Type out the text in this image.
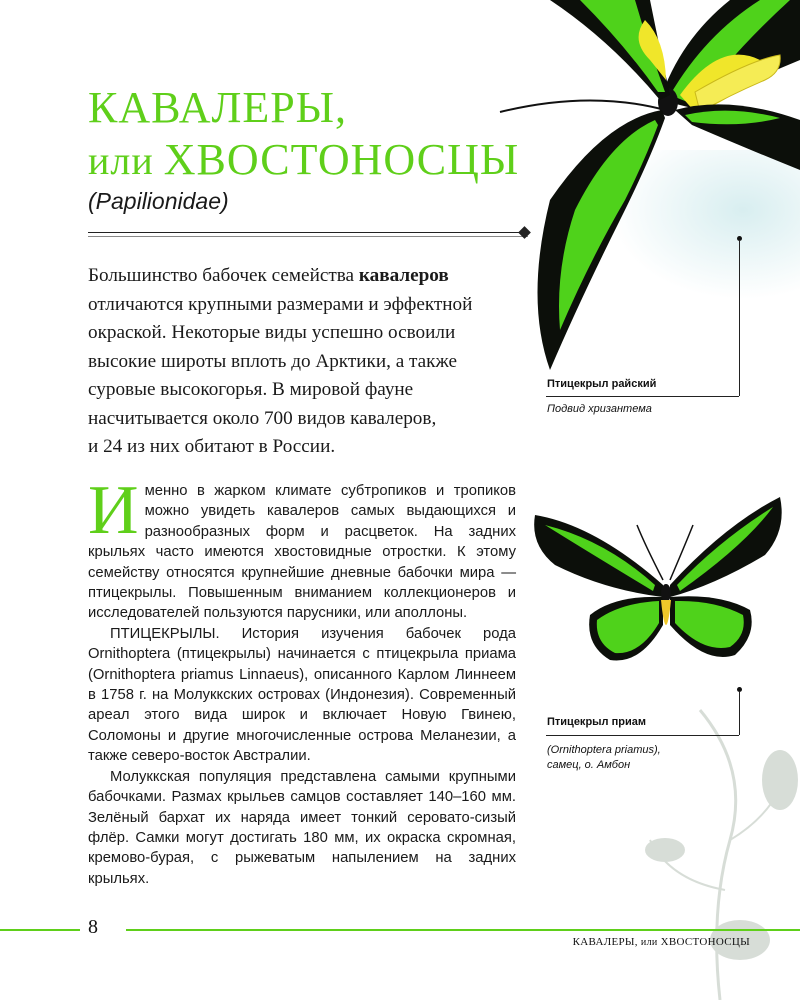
КАВАЛЕРЫ,
или ХВОСТОНОСЦЫ
(Papilionidae)
Большинство бабочек семейства кавалеров
отличаются крупными размерами и эффектной
окраской. Некоторые виды успешно освоили
высокие широты вплоть до Арктики, а также
суровые высокогорья. В мировой фауне
насчитывается около 700 видов кавалеров,
и 24 из них обитают в России.
И менно в жарком климате субтропиков и тропиков можно увидеть кавалеров самых выдающихся и разнообразных форм и расцветок. На задних крыльях часто имеются хвостовидные отростки. К этому семейству относятся крупнейшие дневные бабочки мира — птицекрылы. Повышенным вниманием коллекционеров и исследователей пользуются парусники, или аполлоны.

ПТИЦЕКРЫЛЫ. История изучения бабочек рода Ornithoptera (птицекрылы) начинается с птицекрыла приама (Ornithoptera priamus Linnaeus), описанного Карлом Линнеем в 1758 г. на Молуккских островах (Индонезия). Современный ареал этого вида широк и включает Новую Гвинею, Соломоны и другие многочисленные острова Меланезии, а также северо-восток Австралии.

Молуккская популяция представлена самыми крупными бабочками. Размах крыльев самцов составляет 140–160 мм. Зелёный бархат их наряда имеет тонкий серовато-сизый флёр. Самки могут достигать 180 мм, их окраска скромная, кремово-бурая, с рыжеватым напылением на задних крыльях.

Птицекрыл райский
Подвид хризантема
Птицекрыл приам
(Ornithoptera priamus),
самец, о. Амбон
8
КАВАЛЕРЫ, или ХВОСТОНОСЦЫ
